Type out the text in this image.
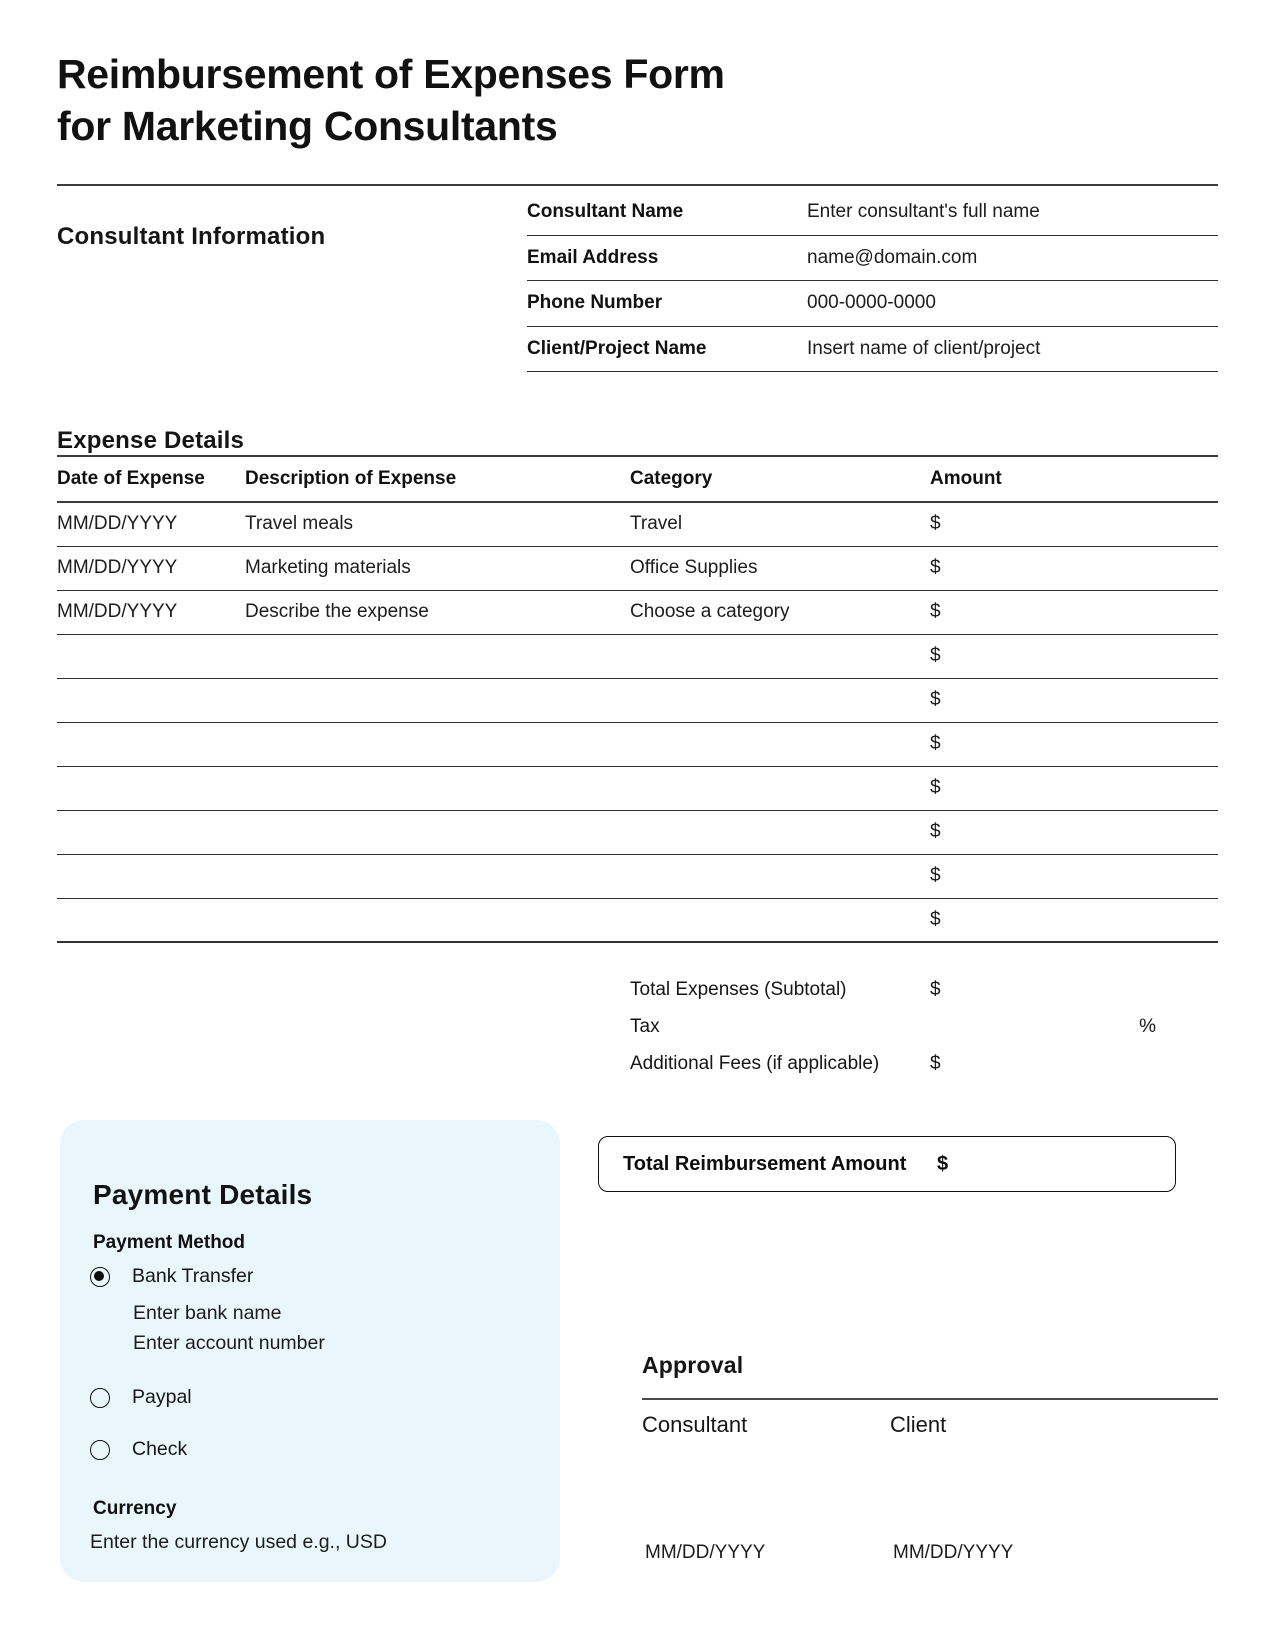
Reimbursement of Expenses Form
for Marketing Consultants
Consultant Information
Consultant Name	Enter consultant's full name
Email Address	name@domain.com
Phone Number	000-0000-0000
Client/Project Name	Insert name of client/project
Expense Details
Date of Expense	Description of Expense	Category	Amount
MM/DD/YYYY	Travel meals	Travel	$
MM/DD/YYYY	Marketing materials	Office Supplies	$
MM/DD/YYYY	Describe the expense	Choose a category	$
			$
			$
			$
			$
			$
			$
			$
Total Expenses (Subtotal)	$
Tax	%
Additional Fees (if applicable)	$
Total Reimbursement Amount $
Payment Details
Payment Method
Bank Transfer
Enter bank name
Enter account number
Paypal
Check
Currency
Enter the currency used e.g., USD
Approval
Consultant	Client
MM/DD/YYYY	MM/DD/YYYY
